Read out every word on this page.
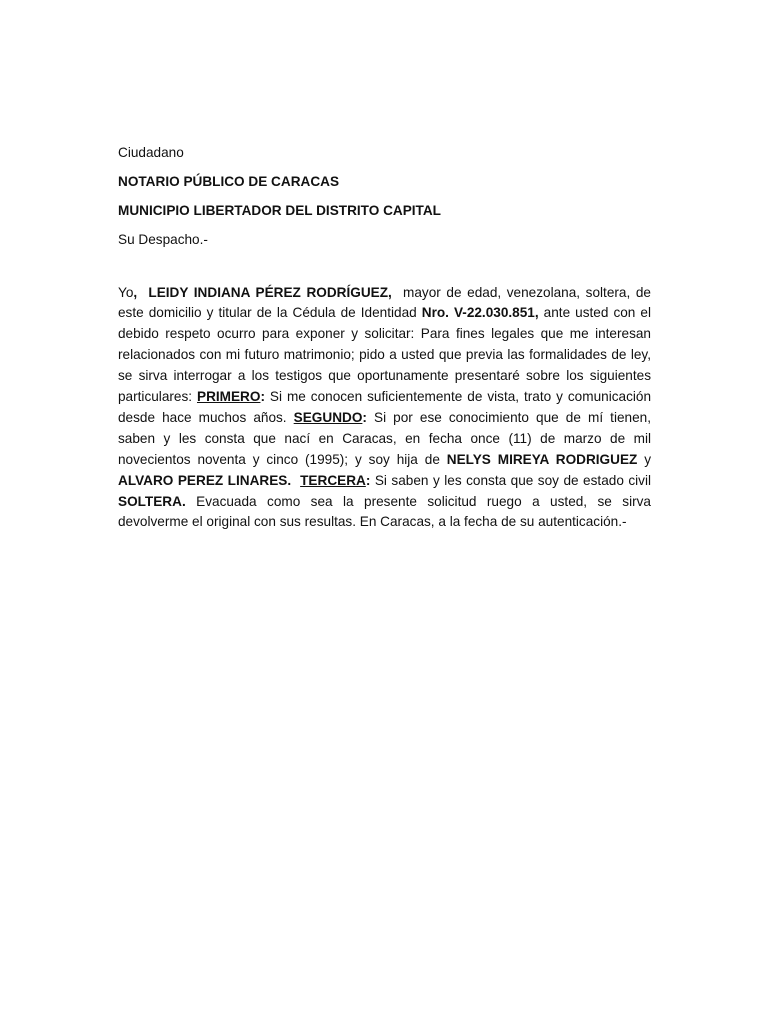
Ciudadano

NOTARIO PÚBLICO DE CARACAS

MUNICIPIO LIBERTADOR DEL DISTRITO CAPITAL

Su Despacho.-

Yo, LEIDY INDIANA PÉREZ RODRÍGUEZ,  mayor de edad, venezolana, soltera, de este domicilio y titular de la Cédula de Identidad Nro. V-22.030.851, ante usted con el debido respeto ocurro para exponer y solicitar: Para fines legales que me interesan relacionados con mi futuro matrimonio; pido a usted que previa las formalidades de ley, se sirva interrogar a los testigos que oportunamente presentaré sobre los siguientes particulares: PRIMERO: Si me conocen suficientemente de vista, trato y comunicación desde hace muchos años. SEGUNDO: Si por ese conocimiento que de mí tienen, saben y les consta que nací en Caracas, en fecha once (11) de marzo de mil novecientos noventa y cinco (1995); y soy hija de NELYS MIREYA RODRIGUEZ y ALVARO PEREZ LINARES. TERCERA: Si saben y les consta que soy de estado civil SOLTERA. Evacuada como sea la presente solicitud ruego a usted, se sirva devolverme el original con sus resultas. En Caracas, a la fecha de su autenticación.-
